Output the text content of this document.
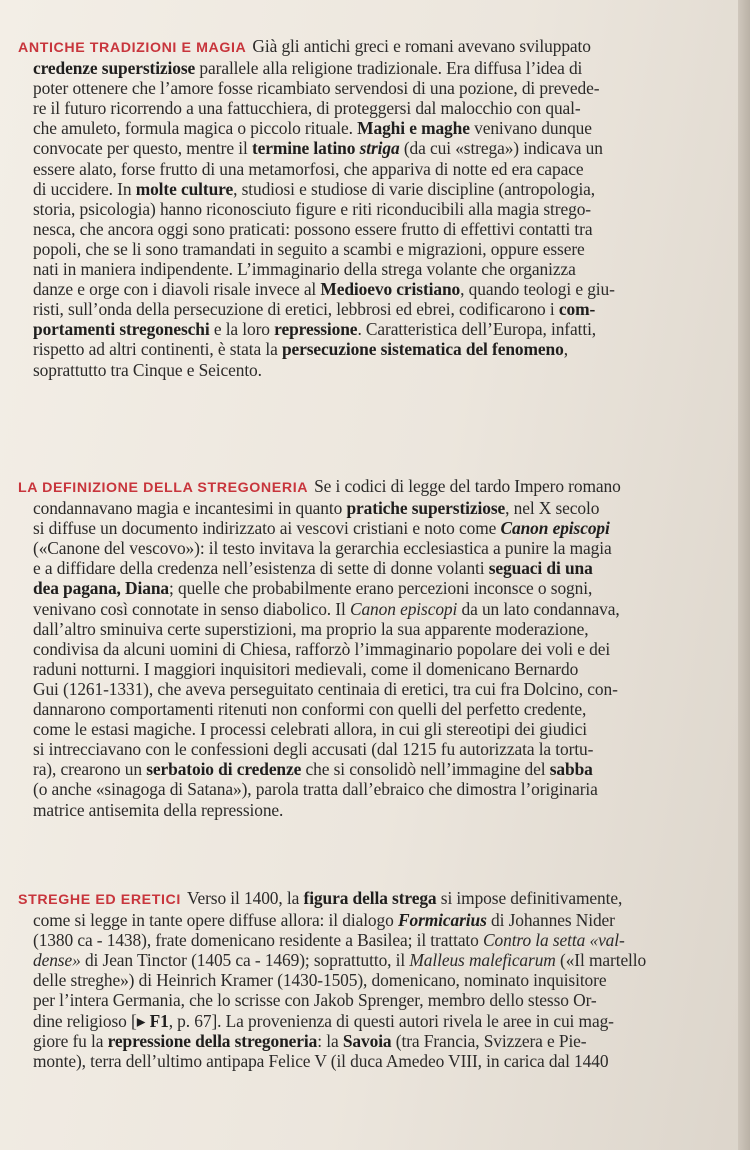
ANTICHE TRADIZIONI E MAGIA Già gli antichi greci e romani avevano sviluppato
credenze superstiziose parallele alla religione tradizionale. Era diffusa l’idea di
poter ottenere che l’amore fosse ricambiato servendosi di una pozione, di prevede-
re il futuro ricorrendo a una fattucchiera, di proteggersi dal malocchio con qual-
che amuleto, formula magica o piccolo rituale. Maghi e maghe venivano dunque
convocate per questo, mentre il termine latino striga (da cui «strega») indicava un
essere alato, forse frutto di una metamorfosi, che appariva di notte ed era capace
di uccidere. In molte culture, studiosi e studiose di varie discipline (antropologia,
storia, psicologia) hanno riconosciuto figure e riti riconducibili alla magia strego-
nesca, che ancora oggi sono praticati: possono essere frutto di effettivi contatti tra
popoli, che se li sono tramandati in seguito a scambi e migrazioni, oppure essere
nati in maniera indipendente. L’immaginario della strega volante che organizza
danze e orge con i diavoli risale invece al Medioevo cristiano, quando teologi e giu-
risti, sull’onda della persecuzione di eretici, lebbrosi ed ebrei, codificarono i com-
portamenti stregoneschi e la loro repressione. Caratteristica dell’Europa, infatti,
rispetto ad altri continenti, è stata la persecuzione sistematica del fenomeno,
soprattutto tra Cinque e Seicento.
LA DEFINIZIONE DELLA STREGONERIA Se i codici di legge del tardo Impero romano
condannavano magia e incantesimi in quanto pratiche superstiziose, nel X secolo
si diffuse un documento indirizzato ai vescovi cristiani e noto come Canon episcopi
(«Canone del vescovo»): il testo invitava la gerarchia ecclesiastica a punire la magia
e a diffidare della credenza nell’esistenza di sette di donne volanti seguaci di una
dea pagana, Diana; quelle che probabilmente erano percezioni inconsce o sogni,
venivano così connotate in senso diabolico. Il Canon episcopi da un lato condannava,
dall’altro sminuiva certe superstizioni, ma proprio la sua apparente moderazione,
condivisa da alcuni uomini di Chiesa, rafforzò l’immaginario popolare dei voli e dei
raduni notturni. I maggiori inquisitori medievali, come il domenicano Bernardo
Gui (1261-1331), che aveva perseguitato centinaia di eretici, tra cui fra Dolcino, con-
dannarono comportamenti ritenuti non conformi con quelli del perfetto credente,
come le estasi magiche. I processi celebrati allora, in cui gli stereotipi dei giudici
si intrecciavano con le confessioni degli accusati (dal 1215 fu autorizzata la tortu-
ra), crearono un serbatoio di credenze che si consolidò nell’immagine del sabba
(o anche «sinagoga di Satana»), parola tratta dall’ebraico che dimostra l’originaria
matrice antisemita della repressione.
STREGHE ED ERETICI Verso il 1400, la figura della strega si impose definitivamente,
come si legge in tante opere diffuse allora: il dialogo Formicarius di Johannes Nider
(1380 ca - 1438), frate domenicano residente a Basilea; il trattato Contro la setta «val-
dense» di Jean Tinctor (1405 ca - 1469); soprattutto, il Malleus maleficarum («Il martello
delle streghe») di Heinrich Kramer (1430-1505), domenicano, nominato inquisitore
per l’intera Germania, che lo scrisse con Jakob Sprenger, membro dello stesso Or-
dine religioso [▸ F1, p. 67]. La provenienza di questi autori rivela le aree in cui mag-
giore fu la repressione della stregoneria: la Savoia (tra Francia, Svizzera e Pie-
monte), terra dell’ultimo antipapa Felice V (il duca Amedeo VIII, in carica dal 1440
